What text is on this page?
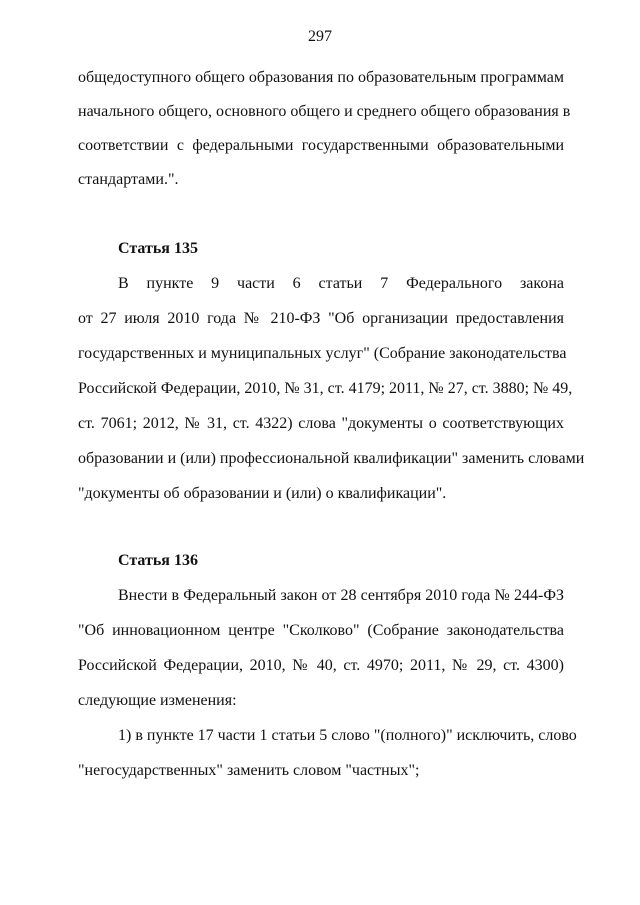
297
общедоступного общего образования по образовательным программам
начального общего, основного общего и среднего общего образования в
соответствии с федеральными государственными образовательными
стандартами.".
Статья 135
В пункте 9 части 6 статьи 7 Федерального закона
от 27 июля 2010 года № 210-ФЗ "Об организации предоставления
государственных и муниципальных услуг" (Собрание законодательства
Российской Федерации, 2010, № 31, ст. 4179; 2011, № 27, ст. 3880; № 49,
ст. 7061; 2012, № 31, ст. 4322) слова "документы о соответствующих
образовании и (или) профессиональной квалификации" заменить словами
"документы об образовании и (или) о квалификации".
Статья 136
Внести в Федеральный закон от 28 сентября 2010 года № 244-ФЗ
"Об инновационном центре "Сколково" (Собрание законодательства
Российской Федерации, 2010, № 40, ст. 4970; 2011, № 29, ст. 4300)
следующие изменения:
1) в пункте 17 части 1 статьи 5 слово "(полного)" исключить, слово
"негосударственных" заменить словом "частных";
